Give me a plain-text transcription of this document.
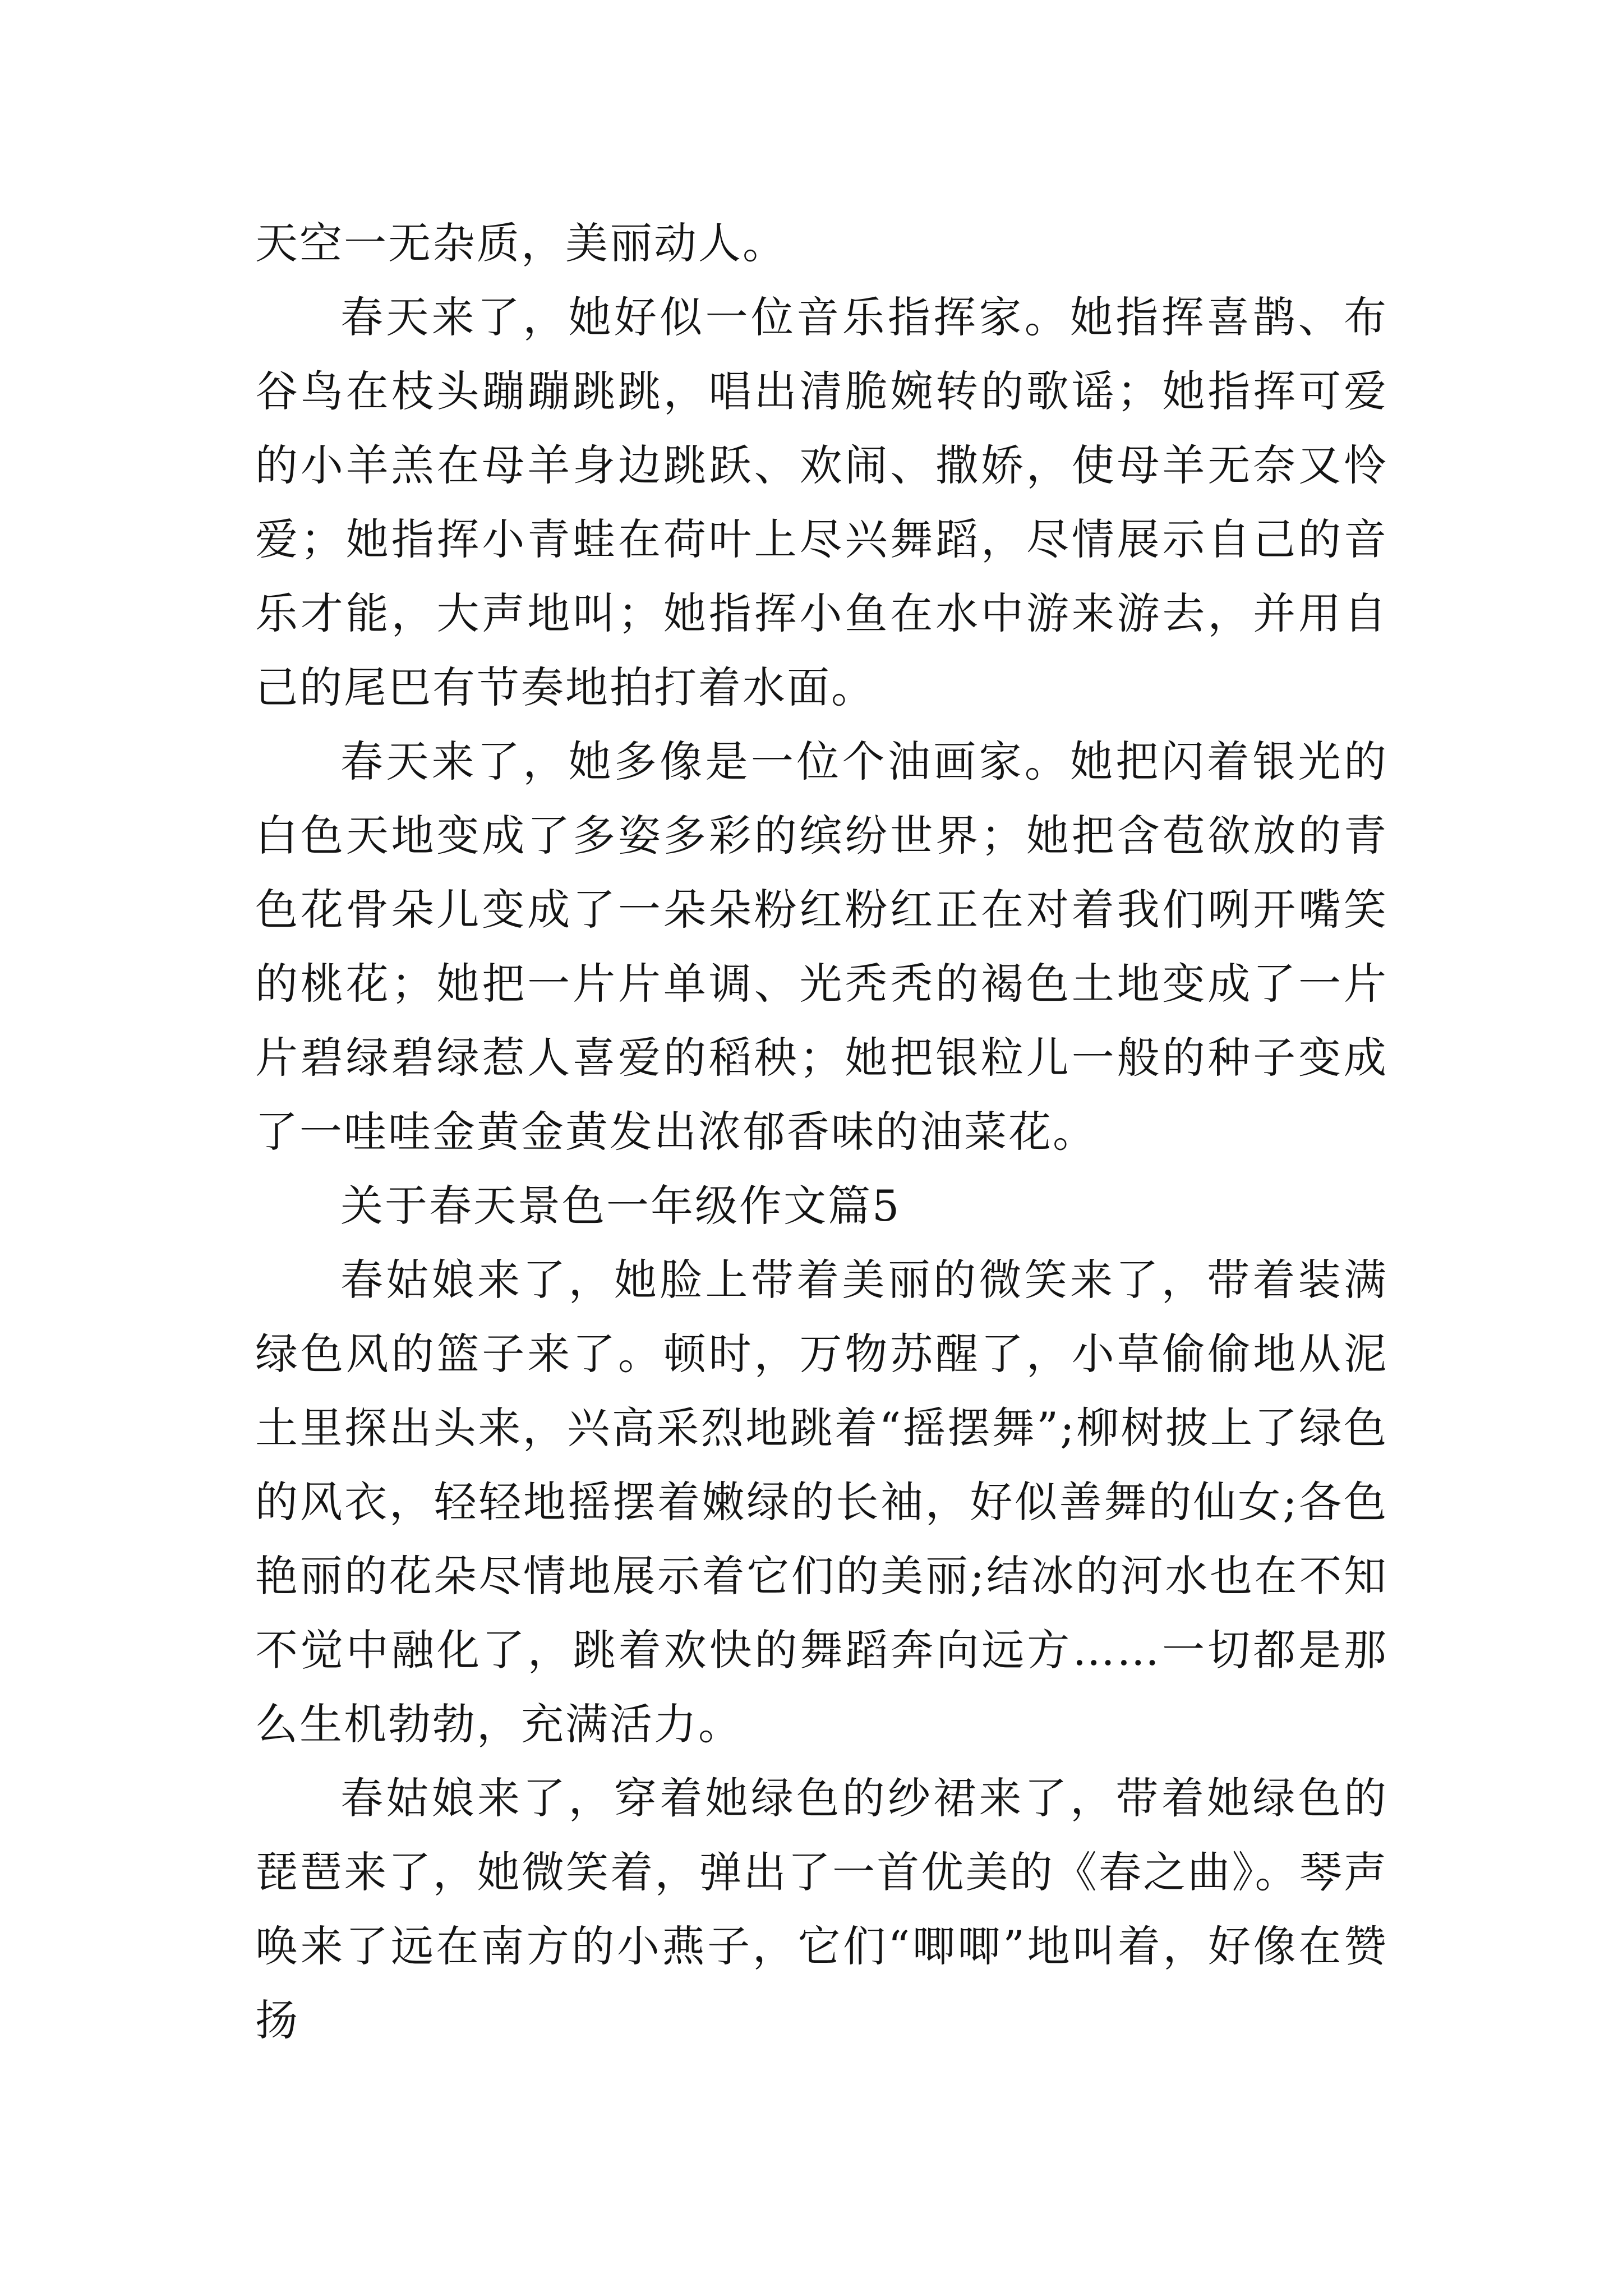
天空一无杂质，美丽动人。

春天来了，她好似一位音乐指挥家。她指挥喜鹊、布谷鸟在枝头蹦蹦跳跳，唱出清脆婉转的歌谣；她指挥可爱的小羊羔在母羊身边跳跃、欢闹、撒娇，使母羊无奈又怜爱；她指挥小青蛙在荷叶上尽兴舞蹈，尽情展示自己的音乐才能，大声地叫；她指挥小鱼在水中游来游去，并用自己的尾巴有节奏地拍打着水面。

春天来了，她多像是一位个油画家。她把闪着银光的白色天地变成了多姿多彩的缤纷世界；她把含苞欲放的青色花骨朵儿变成了一朵朵粉红粉红正在对着我们咧开嘴笑的桃花；她把一片片单调、光秃秃的褐色土地变成了一片片碧绿碧绿惹人喜爱的稻秧；她把银粒儿一般的种子变成了一哇哇金黄金黄发出浓郁香味的油菜花。

关于春天景色一年级作文篇5

春姑娘来了，她脸上带着美丽的微笑来了，带着装满绿色风的篮子来了。顿时，万物苏醒了，小草偷偷地从泥土里探出头来，兴高采烈地跳着“摇摆舞”;柳树披上了绿色的风衣，轻轻地摇摆着嫩绿的长袖，好似善舞的仙女;各色艳丽的花朵尽情地展示着它们的美丽;结冰的河水也在不知不觉中融化了，跳着欢快的舞蹈奔向远方……一切都是那么生机勃勃，充满活力。

春姑娘来了，穿着她绿色的纱裙来了，带着她绿色的琵琶来了，她微笑着，弹出了一首优美的《春之曲》。琴声唤来了远在南方的小燕子，它们“唧唧”地叫着，好像在赞扬
